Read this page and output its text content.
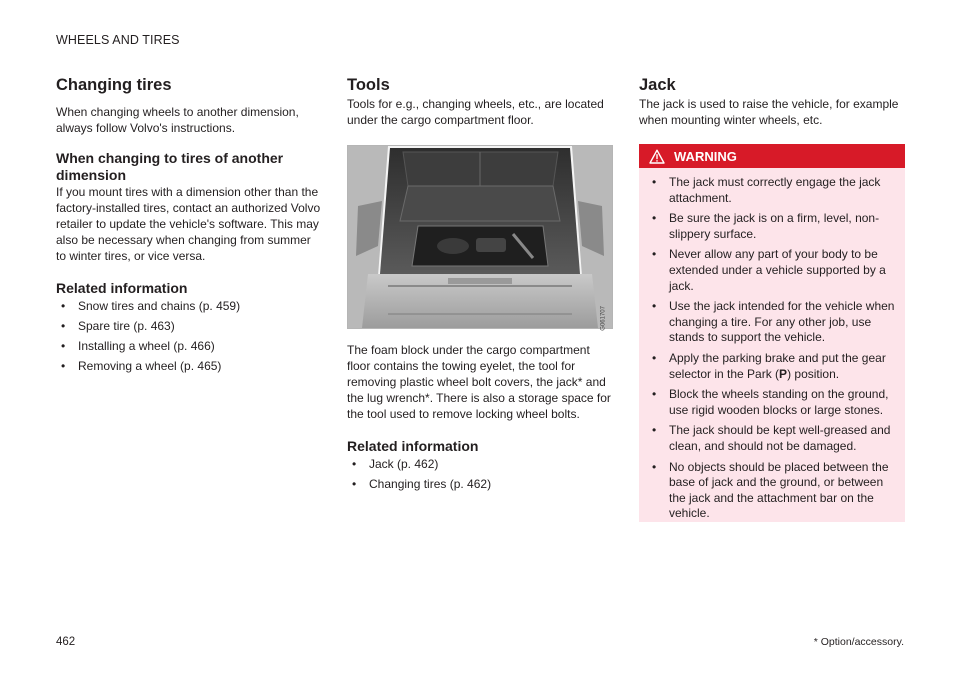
WHEELS AND TIRES
Changing tires

When changing wheels to another dimension, always follow Volvo's instructions.

When changing to tires of another dimension

If you mount tires with a dimension other than the factory-installed tires, contact an authorized Volvo retailer to update the vehicle's software. This may also be necessary when changing from summer to winter tires, or vice versa.

Related information
• Snow tires and chains (p. 459)
• Spare tire (p. 463)
• Installing a wheel (p. 466)
• Removing a wheel (p. 465)
Tools

Tools for e.g., changing wheels, etc., are located under the cargo compartment floor.

G061707

The foam block under the cargo compartment floor contains the towing eyelet, the tool for removing plastic wheel bolt covers, the jack* and the lug wrench*. There is also a storage space for the tool used to remove locking wheel bolts.

Related information
• Jack (p. 462)
• Changing tires (p. 462)
Jack

The jack is used to raise the vehicle, for example when mounting winter wheels, etc.

WARNING
• The jack must correctly engage the jack attachment.
• Be sure the jack is on a firm, level, non-slippery surface.
• Never allow any part of your body to be extended under a vehicle supported by a jack.
• Use the jack intended for the vehicle when changing a tire. For any other job, use stands to support the vehicle.
• Apply the parking brake and put the gear selector in the Park (P) position.
• Block the wheels standing on the ground, use rigid wooden blocks or large stones.
• The jack should be kept well-greased and clean, and should not be damaged.
• No objects should be placed between the base of jack and the ground, or between the jack and the attachment bar on the vehicle.
462	* Option/accessory.
